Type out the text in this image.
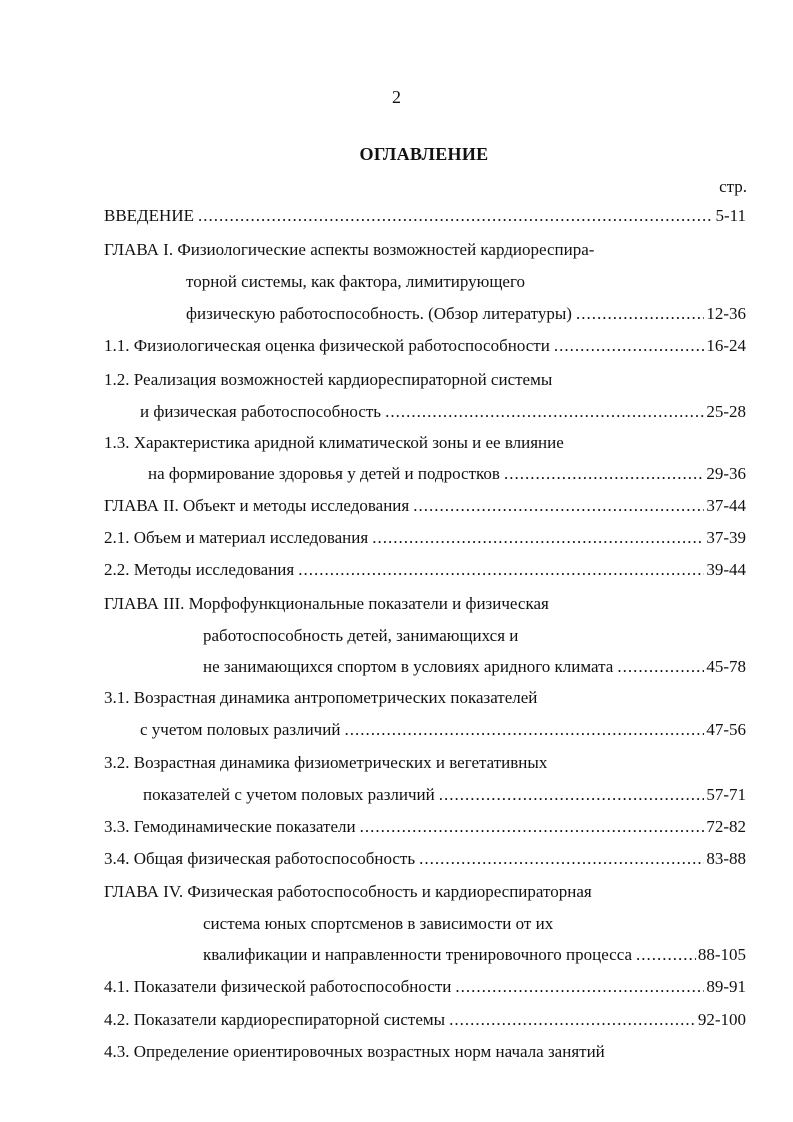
2
ОГЛАВЛЕНИЕ
стр.
ВВЕДЕНИЕ .....	5-11
ГЛАВА I. Физиологические аспекты возможностей кардиореспира-
торной системы, как фактора, лимитирующего
физическую работоспособность. (Обзор литературы) .....	12-36
1.1. Физиологическая оценка физической работоспособности .....	16-24
1.2. Реализация возможностей кардиореспираторной системы
и физическая работоспособность .....	25-28
1.3. Характеристика аридной климатической зоны и ее влияние
на формирование здоровья у детей и подростков .....	29-36
ГЛАВА II. Объект и методы исследования .....	37-44
2.1. Объем и материал исследования .....	37-39
2.2. Методы исследования .....	39-44
ГЛАВА III. Морфофункциональные показатели и физическая
работоспособность детей, занимающихся и
не занимающихся спортом в условиях аридного климата .....	45-78
3.1. Возрастная динамика антропометрических показателей
с учетом половых различий .....	47-56
3.2. Возрастная динамика физиометрических и вегетативных
показателей с учетом половых различий .....	57-71
3.3. Гемодинамические показатели .....	72-82
3.4. Общая физическая работоспособность .....	83-88
ГЛАВА IV. Физическая работоспособность и кардиореспираторная
система юных спортсменов в зависимости от их
квалификации и направленности тренировочного процесса .....	88-105
4.1. Показатели физической работоспособности .....	89-91
4.2. Показатели кардиореспираторной системы .....	92-100
4.3. Определение ориентировочных возрастных норм начала занятий
